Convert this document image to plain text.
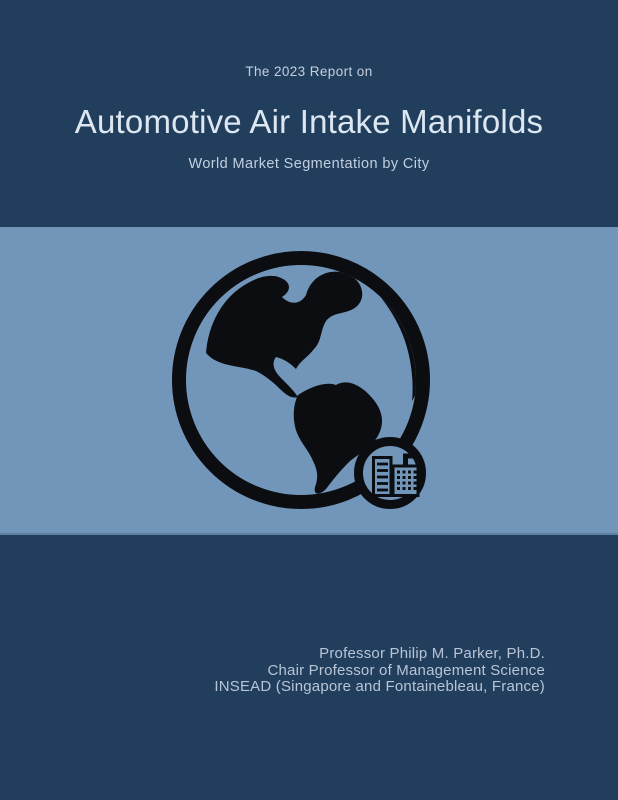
The 2023 Report on
Automotive Air Intake Manifolds
World Market Segmentation by City
Professor Philip M. Parker, Ph.D.
Chair Professor of Management Science
INSEAD (Singapore and Fontainebleau, France)
